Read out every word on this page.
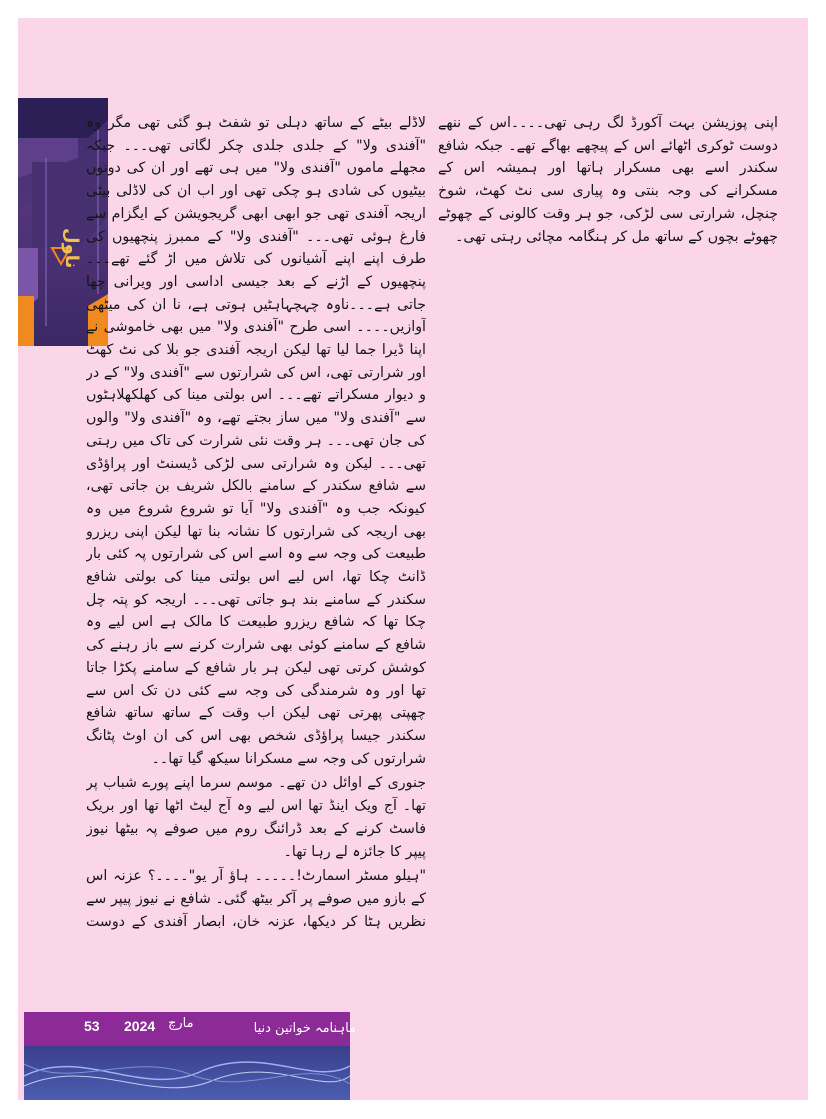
ناول

اپنی پوزیشن بہت آکورڈ لگ رہی تھی۔۔۔۔اس کے ننھے دوست ٹوکری اٹھائے اس کے پیچھے بھاگے تھے۔ جبکہ شافع سکندر اسے بھی مسکرار ہاتھا اور ہمیشہ اس کے مسکرانے کی وجہ بنتی وہ پیاری سی نٹ کھٹ، شوخ چنچل، شرارتی سی لڑکی، جو ہر وقت کالونی کے چھوٹے چھوٹے بچوں کے ساتھ مل کر ہنگامہ مچائی رہتی تھی۔

لاڈلے بیٹے کے ساتھ دہلی تو شفٹ ہو گئی تھی مگر وہ "آفندی ولا" کے جلدی جلدی چکر لگاتی تھی۔۔۔ جبکہ مجھلے ماموں "آفندی ولا" میں ہی تھے اور ان کی دونوں بیٹیوں کی شادی ہو چکی تھی اور اب ان کی لاڈلی بیٹی اریجہ آفندی تھی جو ابھی ابھی گریجویشن کے ایگزام سے فارغ ہوئی تھی۔۔۔ "آفندی ولا" کے ممبرز پنچھیوں کی طرف اپنے اپنے آشیانوں کی تلاش میں اڑ گئے تھے۔۔۔پنچھیوں کے اڑنے کے بعد جیسی اداسی اور ویرانی چھا جاتی ہے۔۔۔ناوہ چہچہاہٹیں ہوتی ہے، نا ان کی میٹھی آوازیں۔۔۔۔ اسی طرح "آفندی ولا" میں بھی خاموشی نے اپنا ڈیرا جما لیا تھا لیکن اریجہ آفندی جو بلا کی نٹ کھٹ اور شرارتی تھی، اس کی شرارتوں سے "آفندی ولا" کے در و دیوار مسکراتے تھے۔۔۔ اس بولتی مینا کی کھلکھلاہٹوں سے "آفندی ولا" میں ساز بجتے تھے، وہ "آفندی ولا" والوں کی جان تھی۔۔۔ ہر وقت نئی شرارت کی تاک میں رہتی تھی۔۔۔ لیکن وہ شرارتی سی لڑکی ڈیسنٹ اور پراؤڈی سے شافع سکندر کے سامنے بالکل شریف بن جاتی تھی، کیونکہ جب وہ "آفندی ولا" آیا تو شروع شروع میں وہ بھی اریجہ کی شرارتوں کا نشانہ بنا تھا لیکن اپنی ریزرو طبیعت کی وجہ سے وہ اسے اس کی شرارتوں پہ کئی بار ڈانٹ چکا تھا، اس لیے اس بولتی مینا کی بولتی شافع سکندر کے سامنے بند ہو جاتی تھی۔۔۔ اریجہ کو پتہ چل چکا تھا کہ شافع ریزرو طبیعت کا مالک ہے اس لیے وہ شافع کے سامنے کوئی بھی شرارت کرنے سے باز رہنے کی کوشش کرتی تھی لیکن ہر بار شافع کے سامنے پکڑا جاتا تھا اور وہ شرمندگی کی وجہ سے کئی دن تک اس سے چھپتی پھرتی تھی لیکن اب وقت کے ساتھ ساتھ شافع سکندر جیسا پراؤڈی شخص بھی اس کی ان اوٹ پٹانگ شرارتوں کی وجہ سے مسکرانا سیکھ گیا تھا۔۔

جنوری کے اوائل دن تھے۔ موسم سرما اپنے پورے شباب پر تھا۔ آج ویک اینڈ تھا اس لیے وہ آج لیٹ اٹھا تھا اور بریک فاسٹ کرنے کے بعد ڈرائنگ روم میں صوفے پہ بیٹھا نیوز پیپر کا جائزہ لے رہا تھا۔

"ہیلو مسٹر اسمارٹ!۔۔۔۔۔ ہاؤ آر یو"۔۔۔۔؟ عزنہ اس کے بازو میں صوفے پر آکر بیٹھ گئی۔ شافع نے نیوز پیپر سے نظریں ہٹا کر دیکھا، عزنہ خان، ابصار آفندی کے دوست

53 2024 مارچ	ماہنامہ خواتین دنیا
